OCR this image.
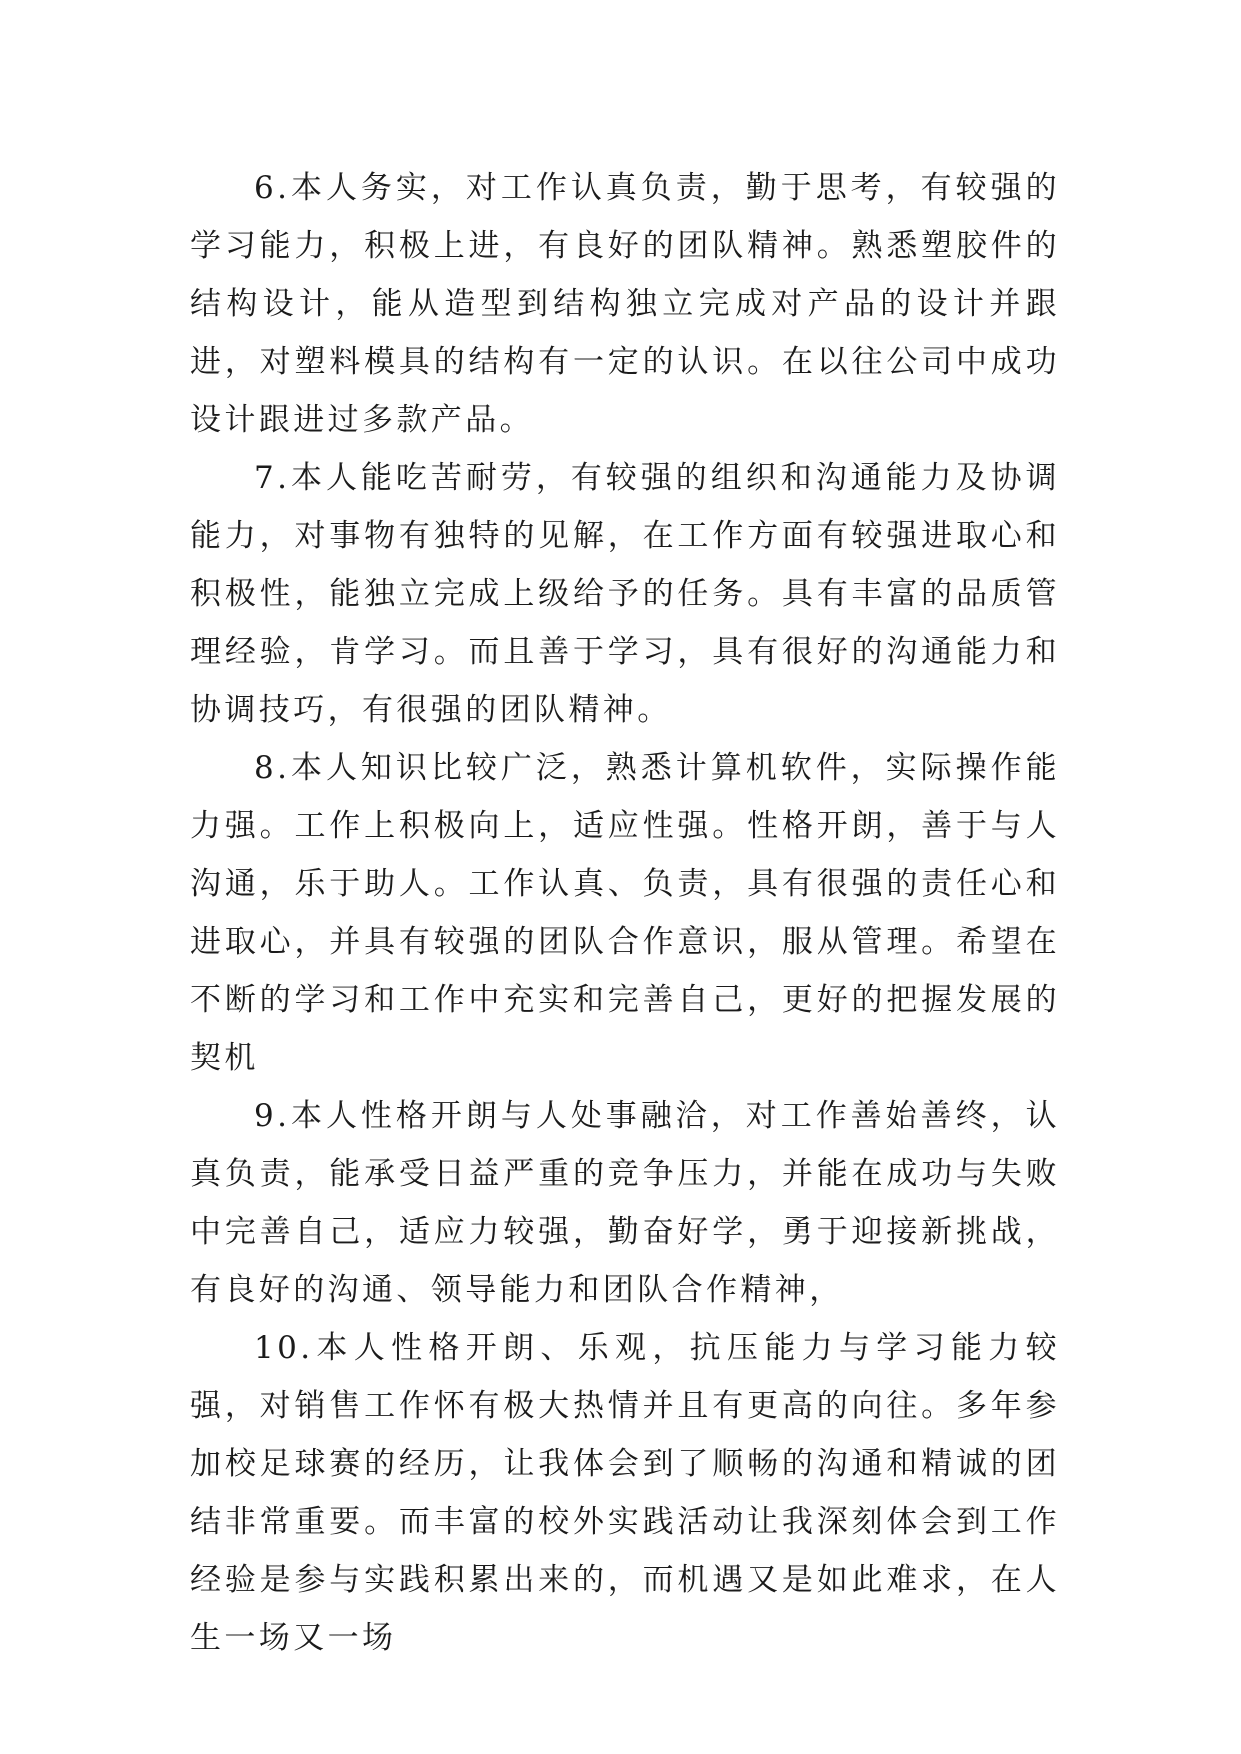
6.本人务实，对工作认真负责，勤于思考，有较强的学习能力，积极上进，有良好的团队精神。熟悉塑胶件的结构设计，能从造型到结构独立完成对产品的设计并跟进，对塑料模具的结构有一定的认识。在以往公司中成功设计跟进过多款产品。

7.本人能吃苦耐劳，有较强的组织和沟通能力及协调能力，对事物有独特的见解，在工作方面有较强进取心和积极性，能独立完成上级给予的任务。具有丰富的品质管理经验，肯学习。而且善于学习，具有很好的沟通能力和协调技巧，有很强的团队精神。

8.本人知识比较广泛，熟悉计算机软件，实际操作能力强。工作上积极向上，适应性强。性格开朗，善于与人沟通，乐于助人。工作认真、负责，具有很强的责任心和进取心，并具有较强的团队合作意识，服从管理。希望在不断的学习和工作中充实和完善自己，更好的把握发展的契机

9.本人性格开朗与人处事融洽，对工作善始善终，认真负责，能承受日益严重的竞争压力，并能在成功与失败中完善自己，适应力较强，勤奋好学，勇于迎接新挑战，有良好的沟通、领导能力和团队合作精神，

10.本人性格开朗、乐观，抗压能力与学习能力较强，对销售工作怀有极大热情并且有更高的向往。多年参加校足球赛的经历，让我体会到了顺畅的沟通和精诚的团结非常重要。而丰富的校外实践活动让我深刻体会到工作经验是参与实践积累出来的，而机遇又是如此难求，在人生一场又一场
